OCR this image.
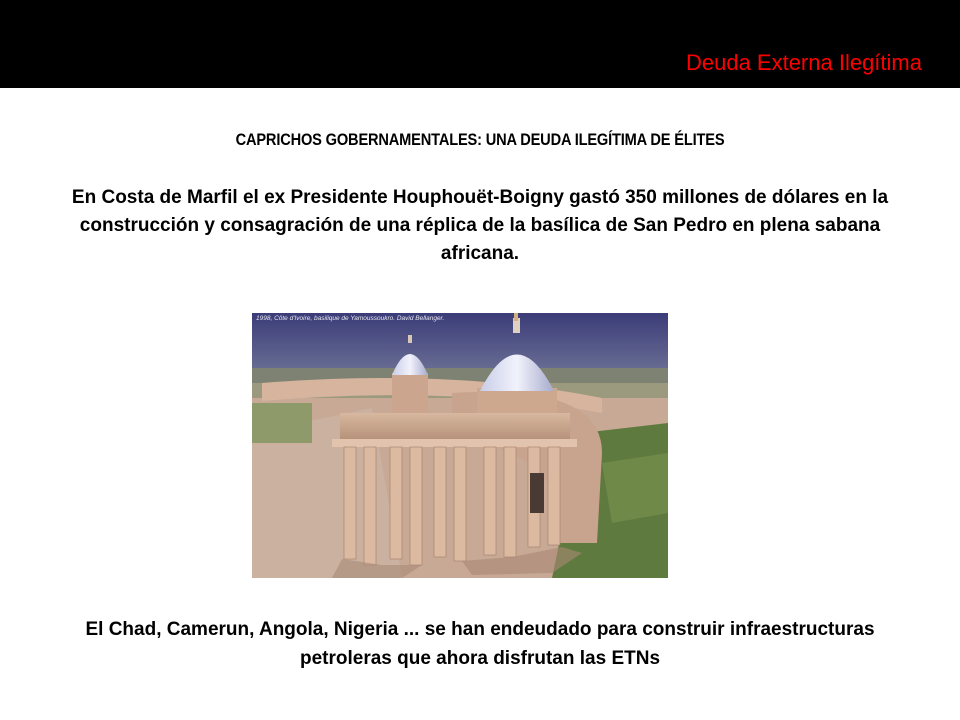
Deuda Externa Ilegítima
CAPRICHOS GOBERNAMENTALES: UNA DEUDA ILEGÍTIMA DE ÉLITES
En Costa de Marfil el ex Presidente Houphouët-Boigny gastó 350 millones de dólares en la construcción y consagración de una réplica de la basílica de San Pedro en plena sabana africana.
1998, Côte d'Ivoire, basilique de Yamoussoukro. David Bellanger.
El Chad, Camerun, Angola, Nigeria ... se han endeudado para construir infraestructuras petroleras que ahora disfrutan las ETNs
